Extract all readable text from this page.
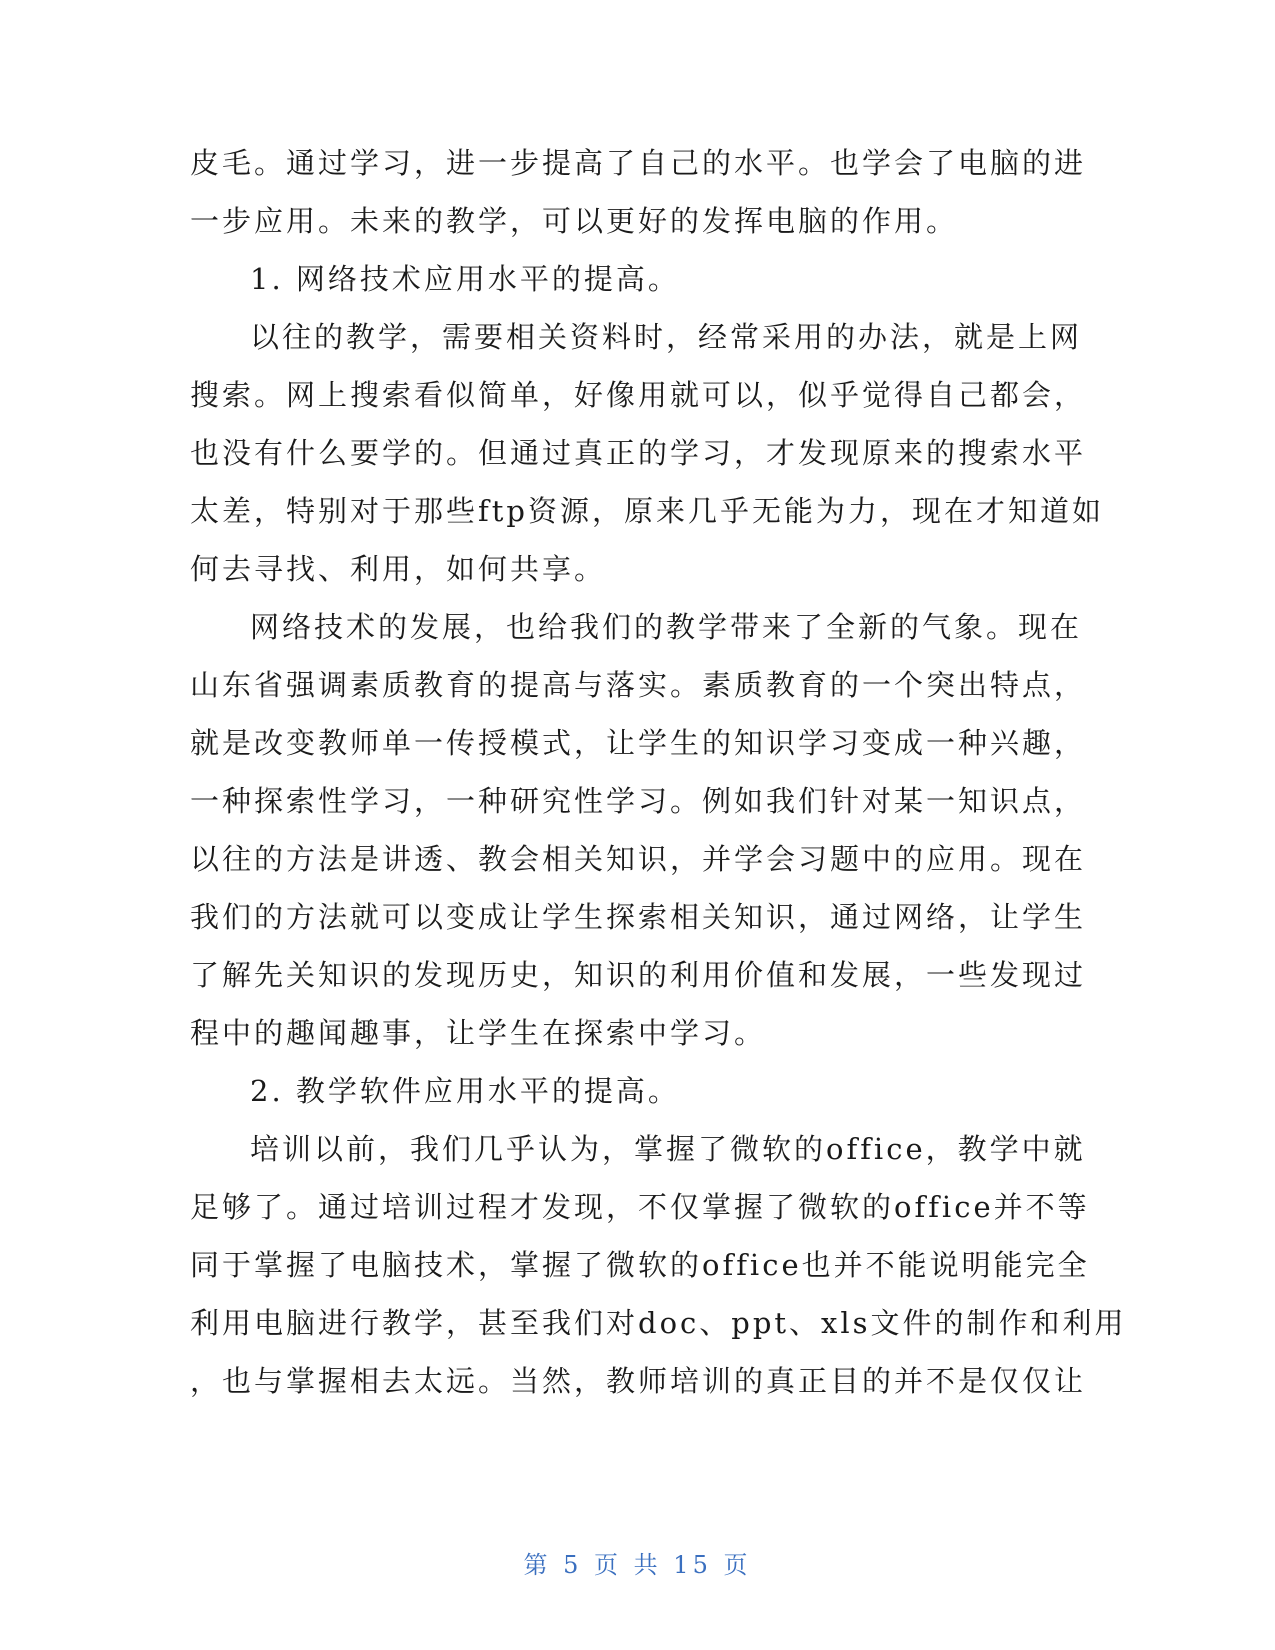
皮毛。通过学习，进一步提高了自己的水平。也学会了电脑的进
一步应用。未来的教学，可以更好的发挥电脑的作用。
1. 网络技术应用水平的提高。
以往的教学，需要相关资料时，经常采用的办法，就是上网
搜索。网上搜索看似简单，好像用就可以，似乎觉得自己都会，
也没有什么要学的。但通过真正的学习，才发现原来的搜索水平
太差，特别对于那些ftp资源，原来几乎无能为力，现在才知道如
何去寻找、利用，如何共享。
网络技术的发展，也给我们的教学带来了全新的气象。现在
山东省强调素质教育的提高与落实。素质教育的一个突出特点，
就是改变教师单一传授模式，让学生的知识学习变成一种兴趣，
一种探索性学习，一种研究性学习。例如我们针对某一知识点，
以往的方法是讲透、教会相关知识，并学会习题中的应用。现在
我们的方法就可以变成让学生探索相关知识，通过网络，让学生
了解先关知识的发现历史，知识的利用价值和发展，一些发现过
程中的趣闻趣事，让学生在探索中学习。
2. 教学软件应用水平的提高。
培训以前，我们几乎认为，掌握了微软的office，教学中就
足够了。通过培训过程才发现，不仅掌握了微软的office并不等
同于掌握了电脑技术，掌握了微软的office也并不能说明能完全
利用电脑进行教学，甚至我们对doc、ppt、xls文件的制作和利用
，也与掌握相去太远。当然，教师培训的真正目的并不是仅仅让
第 5 页 共 15 页
